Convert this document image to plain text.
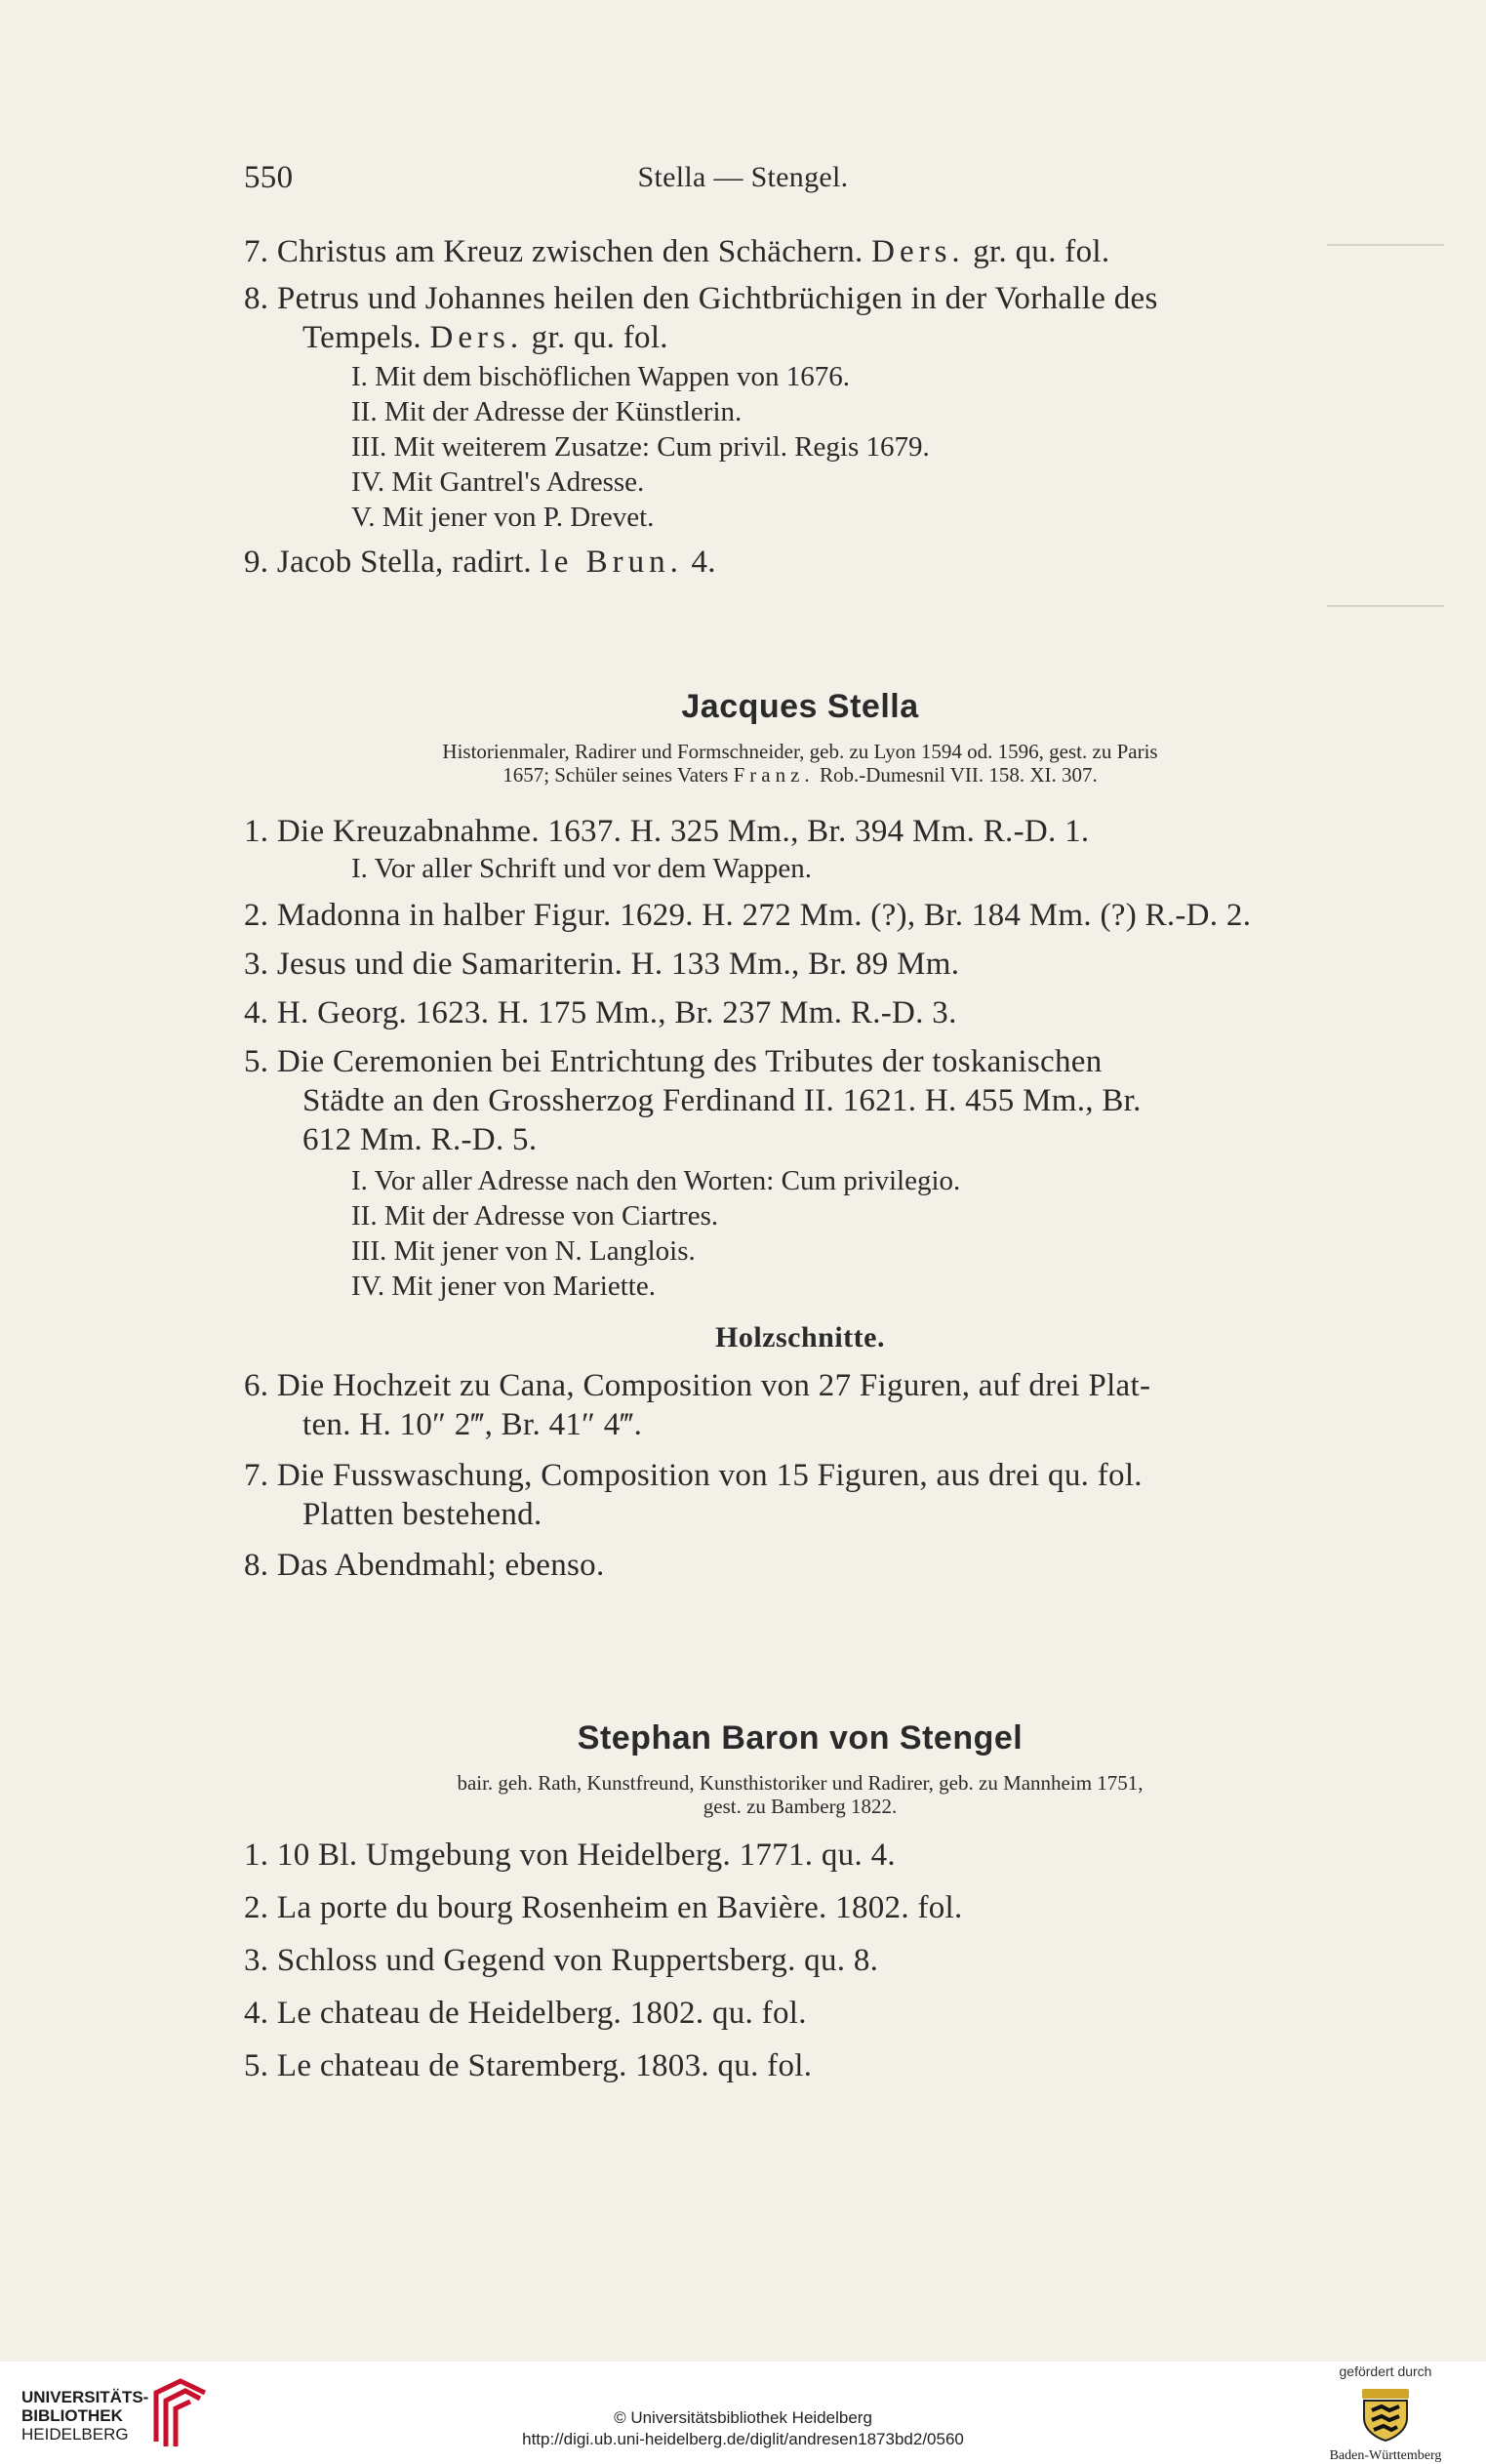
550	Stella — Stengel.
7. Christus am Kreuz zwischen den Schächern. Ders. gr. qu. fol.
8. Petrus und Johannes heilen den Gichtbrüchigen in der Vorhalle des
Tempels. Ders. gr. qu. fol.
I. Mit dem bischöflichen Wappen von 1676.
II. Mit der Adresse der Künstlerin.
III. Mit weiterem Zusatze: Cum privil. Regis 1679.
IV. Mit Gantrel's Adresse.
V. Mit jener von P. Drevet.
9. Jacob Stella, radirt. le Brun. 4.
Jacques Stella
Historienmaler, Radirer und Formschneider, geb. zu Lyon 1594 od. 1596, gest. zu Paris
1657; Schüler seines Vaters Franz. Rob.-Dumesnil VII. 158. XI. 307.
1. Die Kreuzabnahme. 1637. H. 325 Mm., Br. 394 Mm. R.-D. 1.
I. Vor aller Schrift und vor dem Wappen.
2. Madonna in halber Figur. 1629. H. 272 Mm. (?), Br. 184 Mm. (?) R.-D. 2.
3. Jesus und die Samariterin. H. 133 Mm., Br. 89 Mm.
4. H. Georg. 1623. H. 175 Mm., Br. 237 Mm. R.-D. 3.
5. Die Ceremonien bei Entrichtung des Tributes der toskanischen
Städte an den Grossherzog Ferdinand II. 1621. H. 455 Mm., Br.
612 Mm. R.-D. 5.
I. Vor aller Adresse nach den Worten: Cum privilegio.
II. Mit der Adresse von Ciartres.
III. Mit jener von N. Langlois.
IV. Mit jener von Mariette.
Holzschnitte.
6. Die Hochzeit zu Cana, Composition von 27 Figuren, auf drei Plat-
ten. H. 10″ 2‴, Br. 41″ 4‴.
7. Die Fusswaschung, Composition von 15 Figuren, aus drei qu. fol.
Platten bestehend.
8. Das Abendmahl; ebenso.
Stephan Baron von Stengel
bair. geh. Rath, Kunstfreund, Kunsthistoriker und Radirer, geb. zu Mannheim 1751,
gest. zu Bamberg 1822.
1. 10 Bl. Umgebung von Heidelberg. 1771. qu. 4.
2. La porte du bourg Rosenheim en Bavière. 1802. fol.
3. Schloss und Gegend von Ruppertsberg. qu. 8.
4. Le chateau de Heidelberg. 1802. qu. fol.
5. Le chateau de Staremberg. 1803. qu. fol.
UNIVERSITÄTS-
BIBLIOTHEK
HEIDELBERG
© Universitätsbibliothek Heidelberg
http://digi.ub.uni-heidelberg.de/diglit/andresen1873bd2/0560
gefördert durch
Baden-Württemberg
